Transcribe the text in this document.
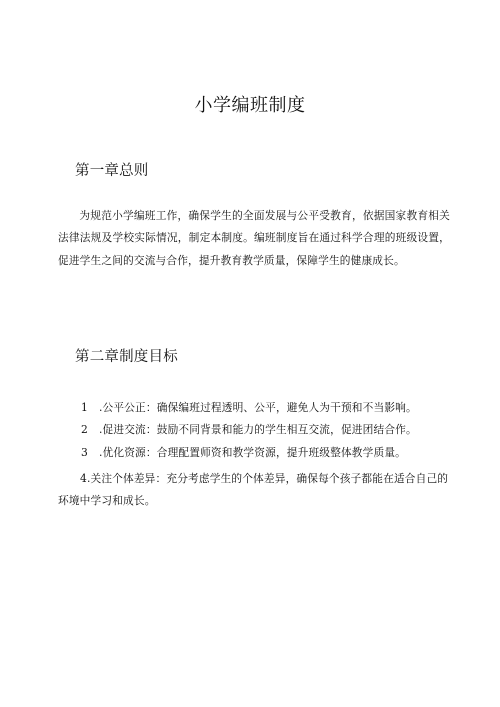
小学编班制度
第一章总则
为规范小学编班工作，确保学生的全面发展与公平受教育，依据国家教育相关法律法规及学校实际情况，制定本制度。编班制度旨在通过科学合理的班级设置，促进学生之间的交流与合作，提升教育教学质量，保障学生的健康成长。
第二章制度目标
1	.公平公正：确保编班过程透明、公平，避免人为干预和不当影响。
2	.促进交流：鼓励不同背景和能力的学生相互交流，促进团结合作。
3	.优化资源：合理配置师资和教学资源，提升班级整体教学质量。
4.关注个体差异：充分考虑学生的个体差异，确保每个孩子都能在适合自己的环境中学习和成长。
